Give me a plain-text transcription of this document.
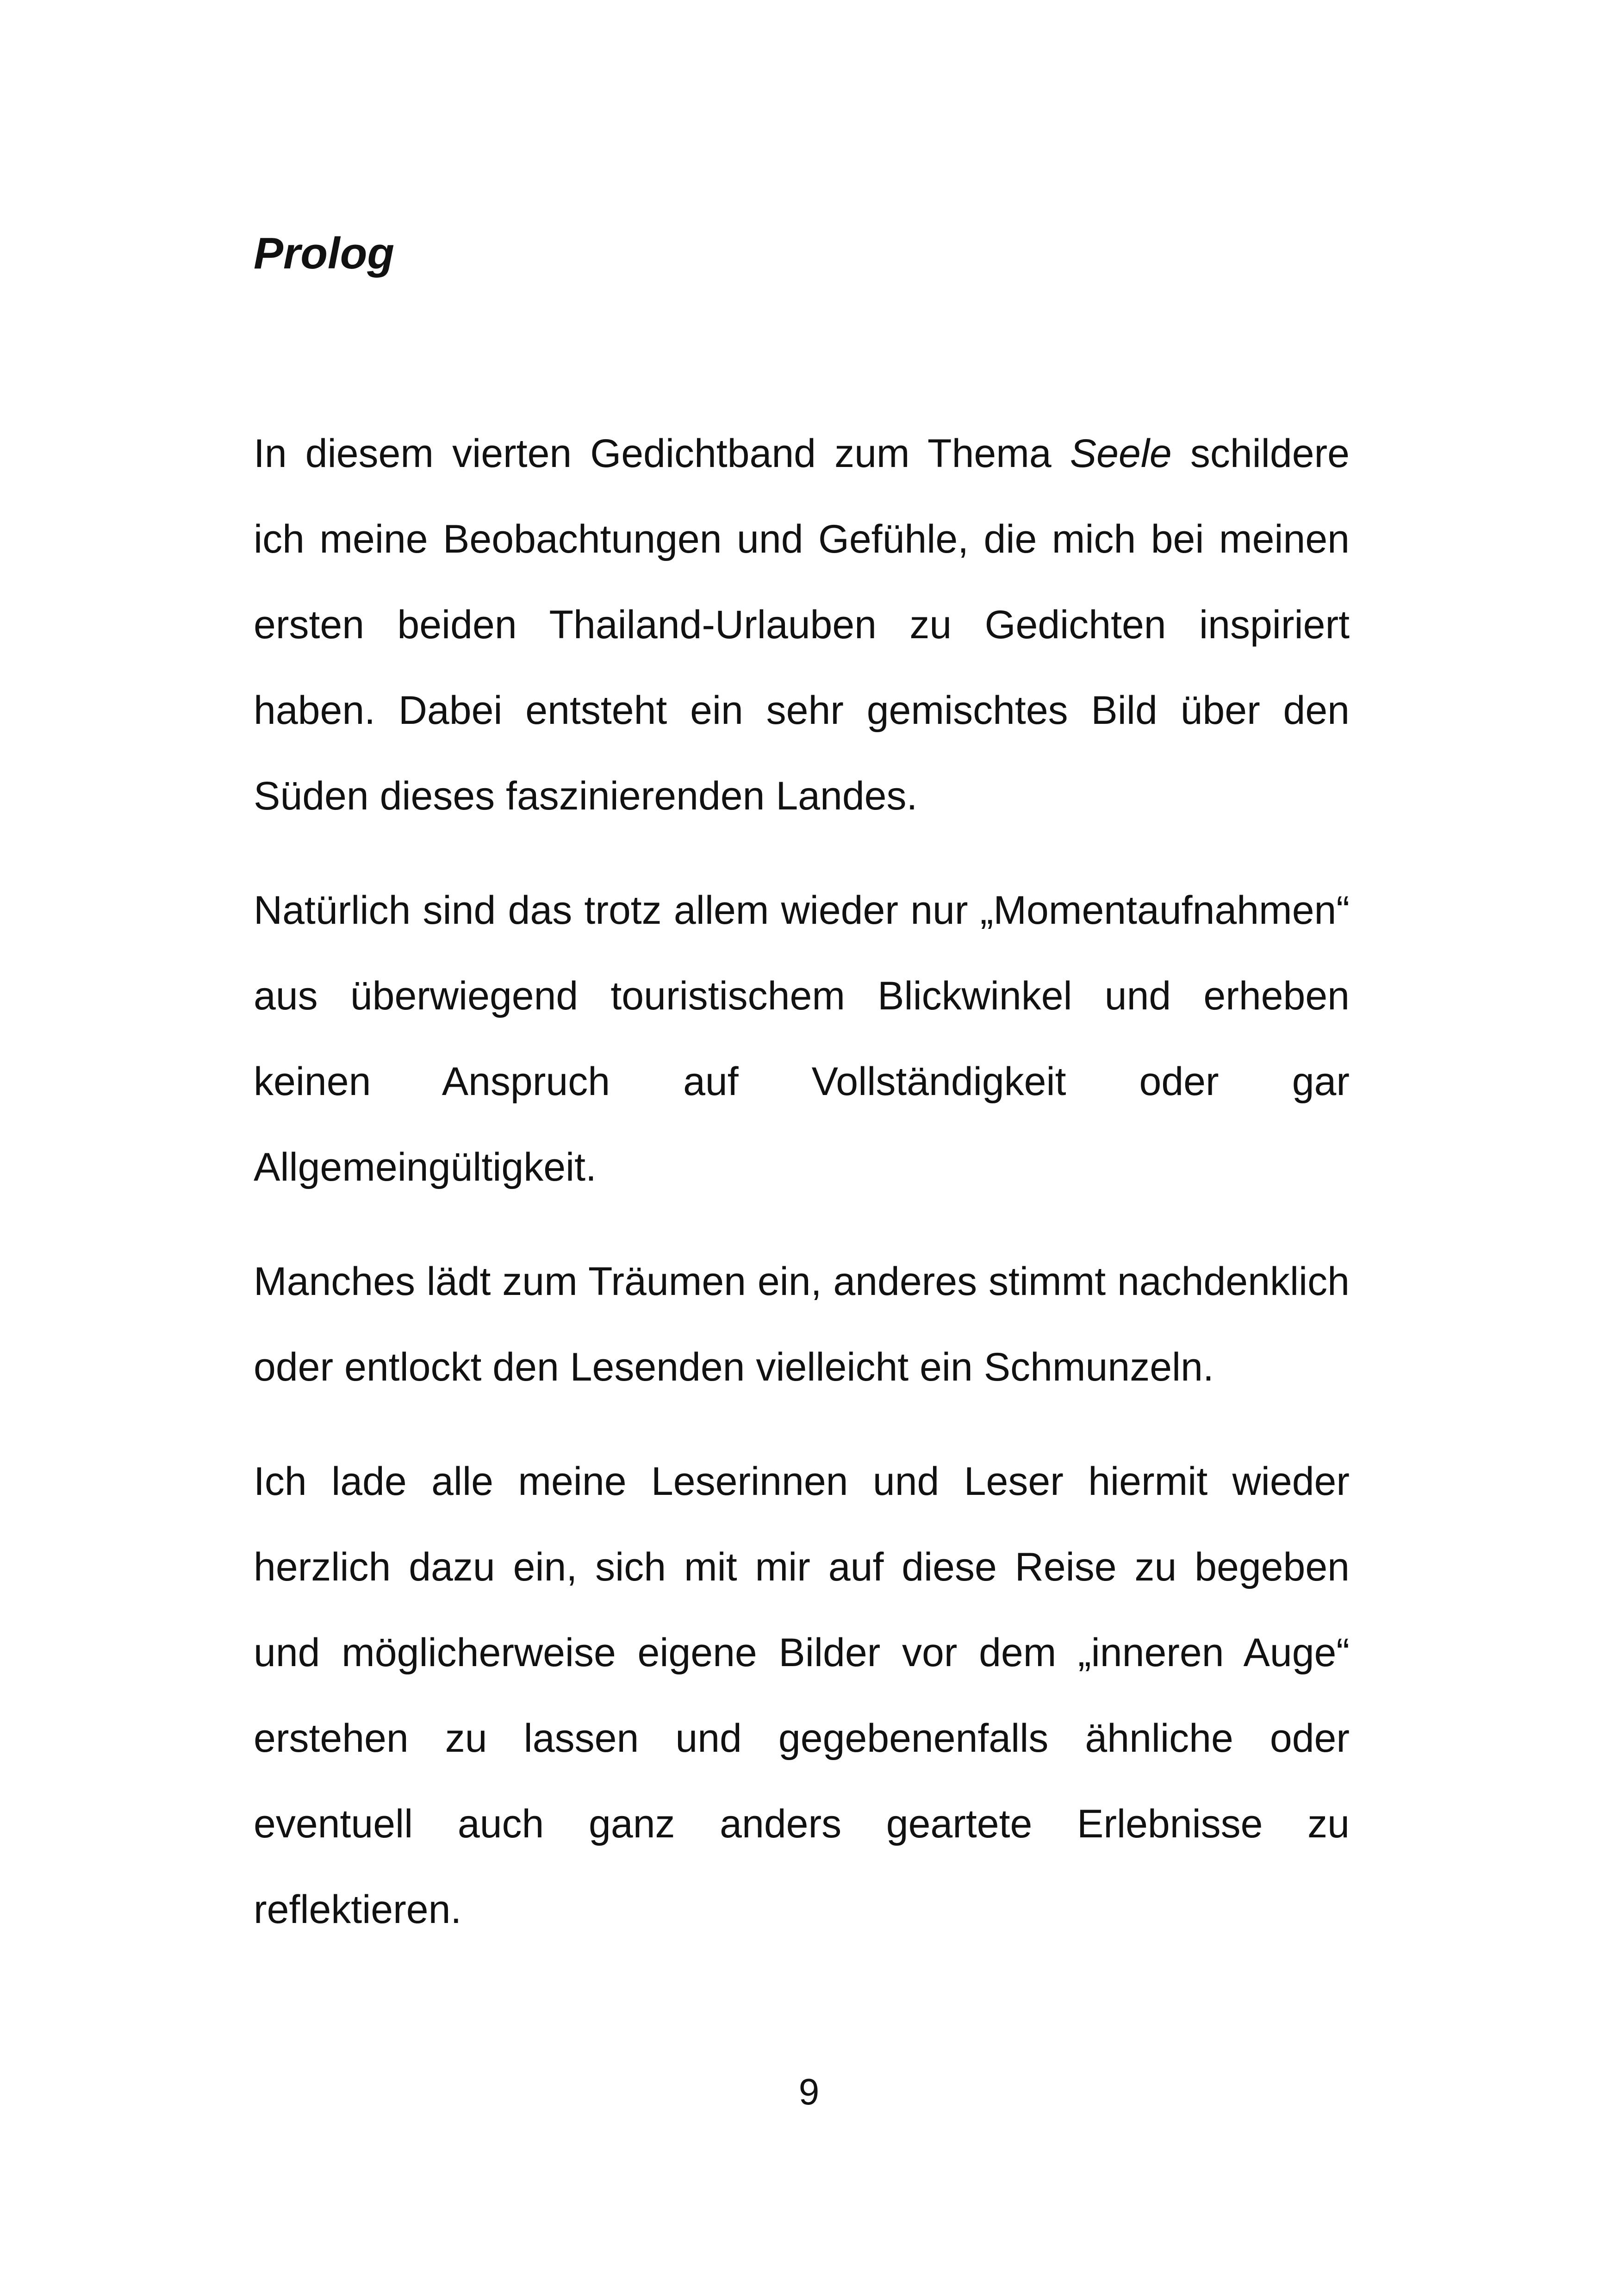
Prolog

In diesem vierten Gedichtband zum Thema Seele schildere ich meine Beobachtungen und Gefühle, die mich bei meinen ersten beiden Thailand-Urlauben zu Gedichten inspiriert haben. Dabei entsteht ein sehr gemischtes Bild über den Süden dieses faszinierenden Landes.

Natürlich sind das trotz allem wieder nur „Momentaufnahmen“ aus überwiegend touristischem Blickwinkel und erheben keinen Anspruch auf Vollständigkeit oder gar Allgemeingültigkeit.

Manches lädt zum Träumen ein, anderes stimmt nachdenklich oder entlockt den Lesenden vielleicht ein Schmunzeln.

Ich lade alle meine Leserinnen und Leser hiermit wieder herzlich dazu ein, sich mit mir auf diese Reise zu begeben und möglicherweise eigene Bilder vor dem „inneren Auge“ erstehen zu lassen und gegebenenfalls ähnliche oder eventuell auch ganz anders geartete Erlebnisse zu reflektieren.

9
